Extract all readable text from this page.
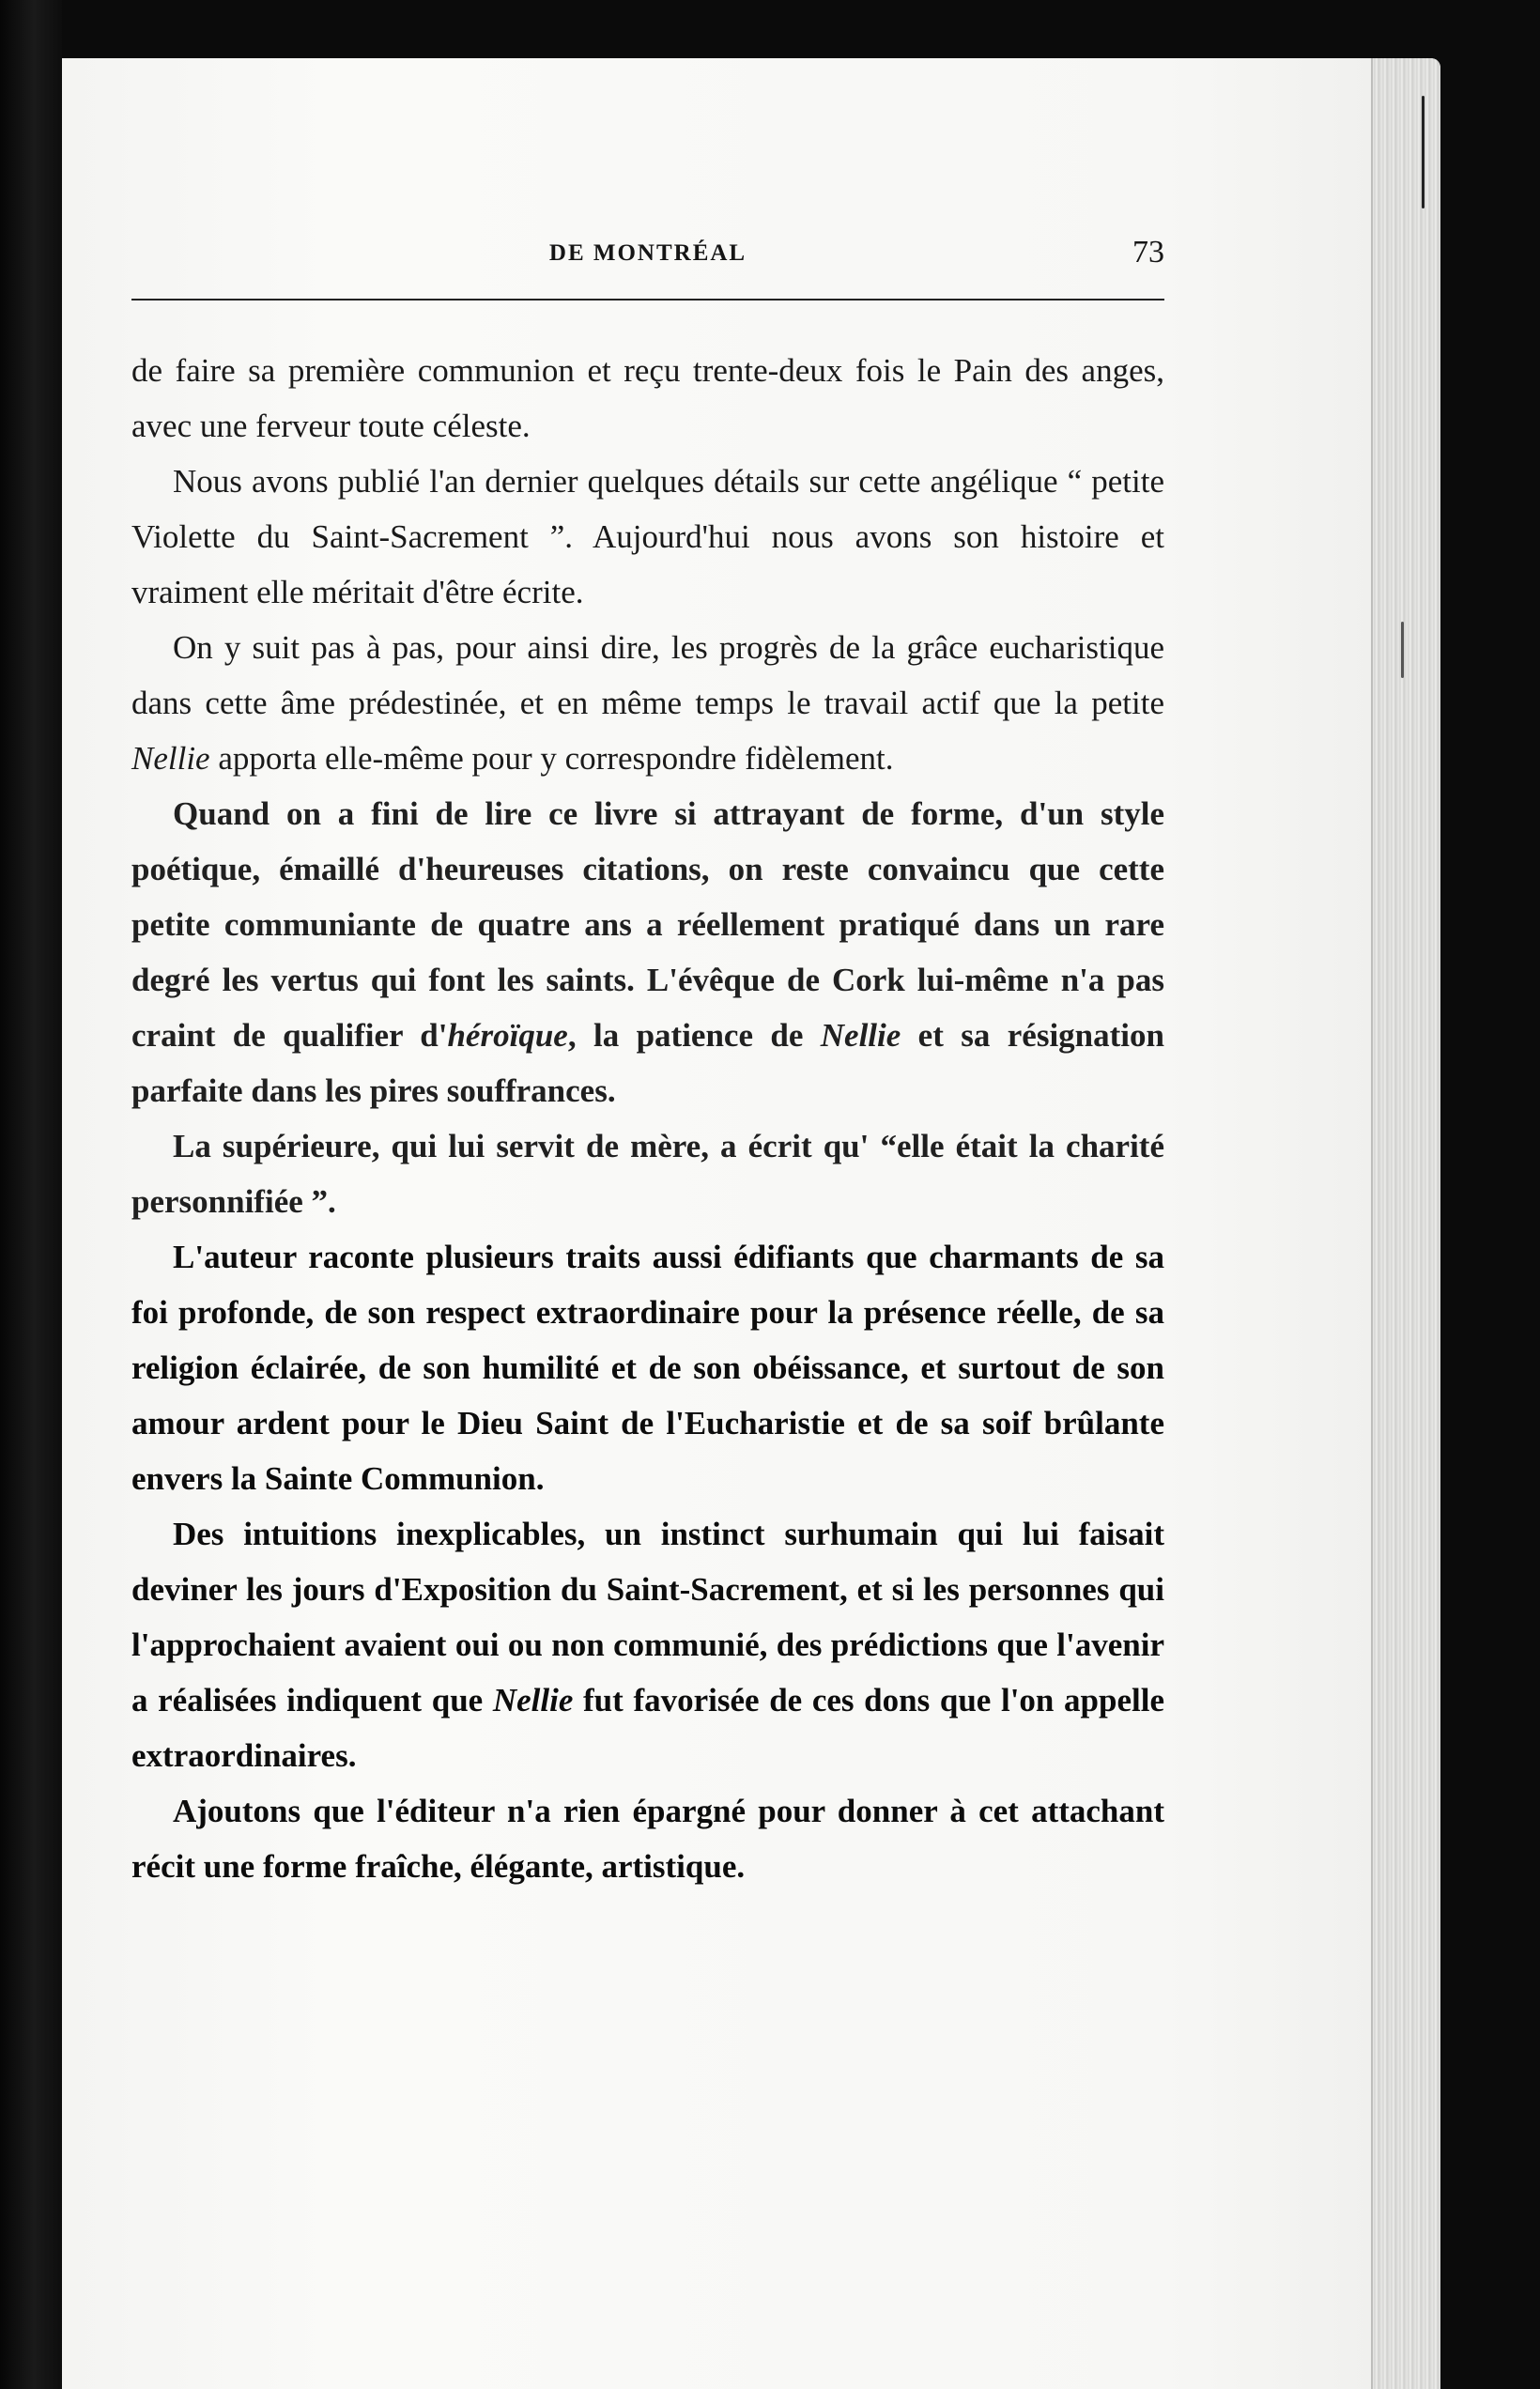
DE MONTRÉAL	73

de faire sa première communion et reçu trente-deux fois le Pain des anges, avec une ferveur toute céleste.

Nous avons publié l'an dernier quelques détails sur cette angélique “ petite Violette du Saint-Sacrement ”. Aujourd'hui nous avons son histoire et vraiment elle méritait d'être écrite.

On y suit pas à pas, pour ainsi dire, les progrès de la grâce eucharistique dans cette âme prédestinée, et en même temps le travail actif que la petite Nellie apporta elle-même pour y correspondre fidèlement.

Quand on a fini de lire ce livre si attrayant de forme, d'un style poétique, émaillé d'heureuses citations, on reste convaincu que cette petite communiante de quatre ans a réellement pratiqué dans un rare degré les vertus qui font les saints. L'évêque de Cork lui-même n'a pas craint de qualifier d'héroïque, la patience de Nellie et sa résignation parfaite dans les pires souffrances.

La supérieure, qui lui servit de mère, a écrit qu' “elle était la charité personnifiée ”.

L'auteur raconte plusieurs traits aussi édifiants que charmants de sa foi profonde, de son respect extraordinaire pour la présence réelle, de sa religion éclairée, de son humilité et de son obéissance, et surtout de son amour ardent pour le Dieu Saint de l'Eucharistie et de sa soif brûlante envers la Sainte Communion.

Des intuitions inexplicables, un instinct surhumain qui lui faisait deviner les jours d'Exposition du Saint-Sacrement, et si les personnes qui l'approchaient avaient oui ou non communié, des prédictions que l'avenir a réalisées indiquent que Nellie fut favorisée de ces dons que l'on appelle extraordinaires.

Ajoutons que l'éditeur n'a rien épargné pour donner à cet attachant récit une forme fraîche, élégante, artistique.
